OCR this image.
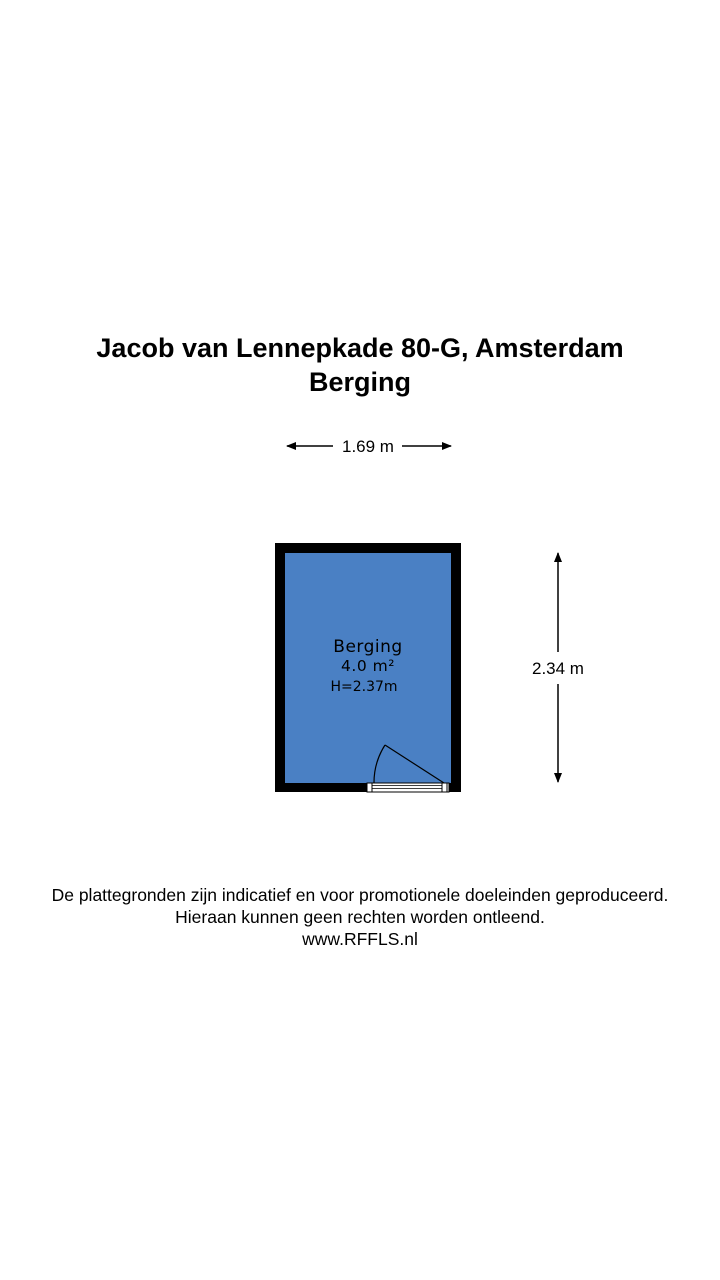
Jacob van Lennepkade 80-G, Amsterdam
Berging
1.69 m
Berging
4.0 m²
H=2.37m
2.34 m
De plattegronden zijn indicatief en voor promotionele doeleinden geproduceerd.
Hieraan kunnen geen rechten worden ontleend.
www.RFFLS.nl
